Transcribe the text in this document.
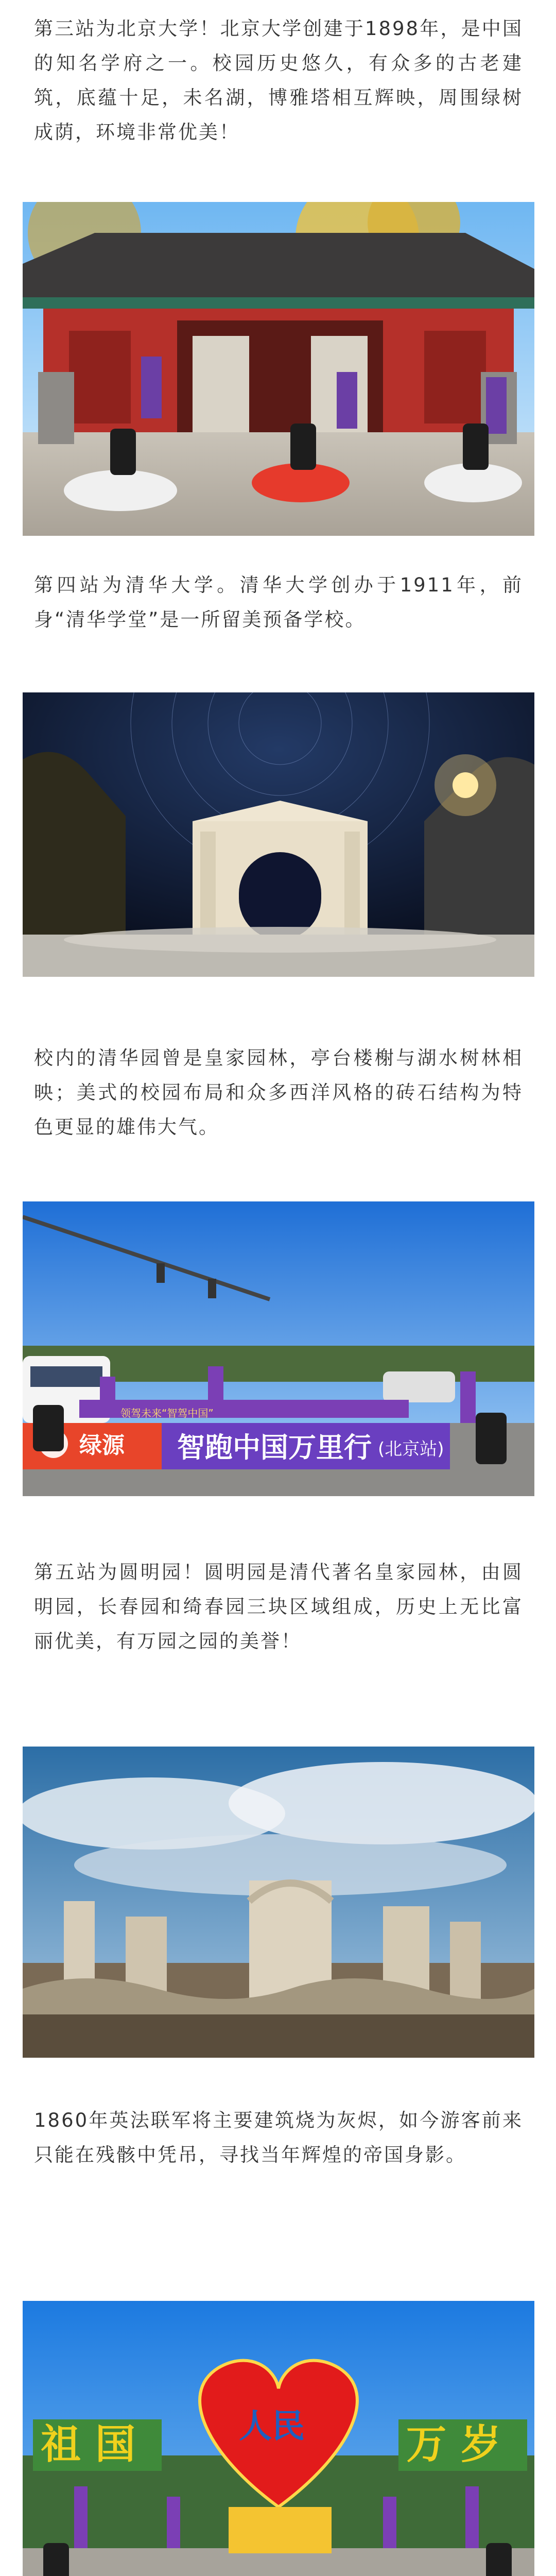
第三站为北京大学！北京大学创建于1898年，是中国的知名学府之一。校园历史悠久，有众多的古老建筑，底蕴十足，未名湖，博雅塔相互辉映，周围绿树成荫，环境非常优美！

第四站为清华大学。清华大学创办于1911年，前身“清华学堂”是一所留美预备学校。

校内的清华园曾是皇家园林，亭台楼榭与湖水树林相映；美式的校园布局和众多西洋风格的砖石结构为特色更显的雄伟大气。

绿源 智跑中国万里行 (北京站)
领驾未来“智驾中国”

第五站为圆明园！圆明园是清代著名皇家园林，由圆明园，长春园和绮春园三块区域组成，历史上无比富丽优美，有万园之园的美誉！

1860年英法联军将主要建筑烧为灰烬，如今游客前来只能在残骸中凭吊，寻找当年辉煌的帝国身影。

祖国	万岁
人民
